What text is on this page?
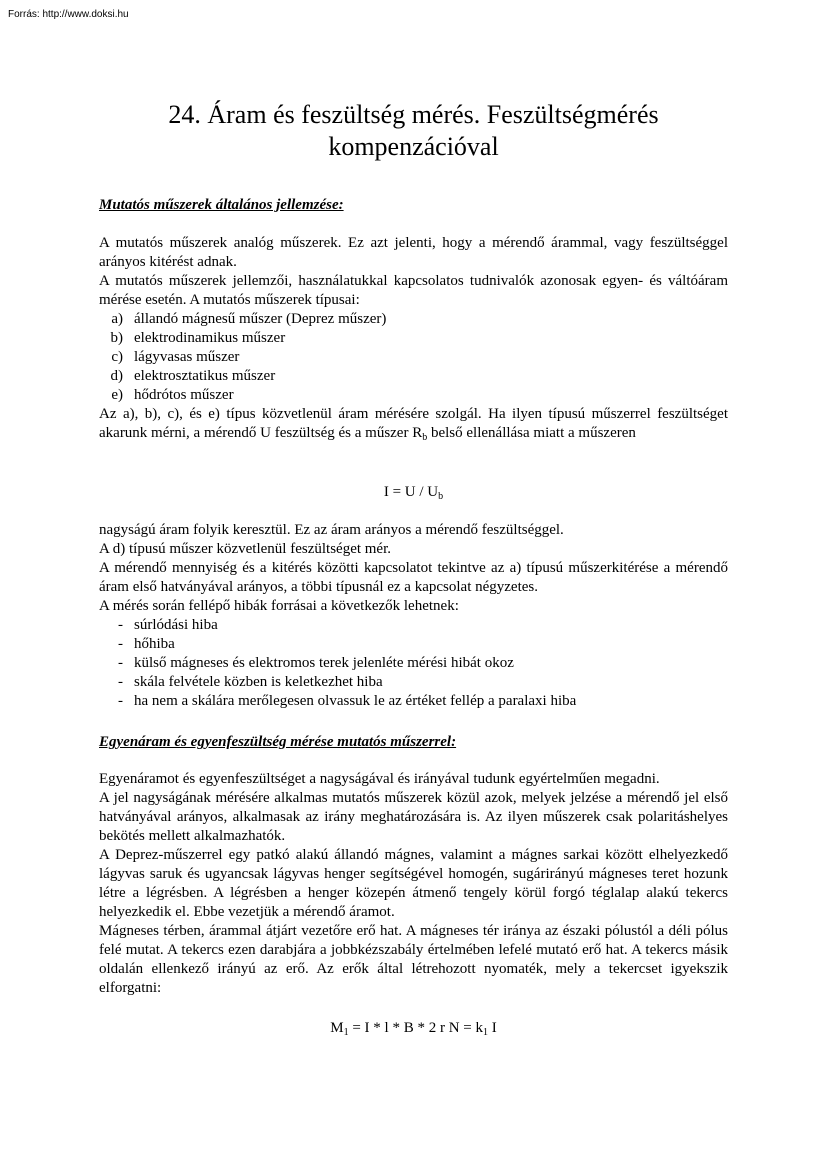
Forrás: http://www.doksi.hu
24. Áram és feszültség mérés. Feszültségmérés
kompenzációval
Mutatós műszerek általános jellemzése:

A mutatós műszerek analóg műszerek. Ez azt jelenti, hogy a mérendő árammal, vagy feszültséggel arányos kitérést adnak.

A mutatós műszerek jellemzői, használatukkal kapcsolatos tudnivalók azonosak egyen- és váltóáram mérése esetén. A mutatós műszerek típusai:

a) állandó mágnesű műszer (Deprez műszer)
b) elektrodinamikus műszer
c) lágyvasas műszer
d) elektrosztatikus műszer
e) hődrótos műszer

Az a), b), c), és e) típus közvetlenül áram mérésére szolgál. Ha ilyen típusú műszerrel feszültséget akarunk mérni, a mérendő U feszültség és a műszer $R_b$ belső ellenállása miatt a műszeren

$I = U / U_b$

nagyságú áram folyik keresztül. Ez az áram arányos a mérendő feszültséggel.

A d) típusú műszer közvetlenül feszültséget mér.

A mérendő mennyiség és a kitérés közötti kapcsolatot tekintve az a) típusú műszerkitérése a mérendő áram első hatványával arányos, a többi típusnál ez a kapcsolat négyzetes.

A mérés során fellépő hibák forrásai a következők lehetnek:

- súrlódási hiba
- hőhiba
- külső mágneses és elektromos terek jelenléte mérési hibát okoz
- skála felvétele közben is keletkezhet hiba
- ha nem a skálára merőlegesen olvassuk le az értéket fellép a paralaxi hiba
Egyenáram és egyenfeszültség mérése mutatós műszerrel:

Egyenáramot és egyenfeszültséget a nagyságával és irányával tudunk egyértelműen megadni.

A jel nagyságának mérésére alkalmas mutatós műszerek közül azok, melyek jelzése a mérendő jel első hatványával arányos, alkalmasak az irány meghatározására is. Az ilyen műszerek csak polaritáshelyes bekötés mellett alkalmazhatók.

A Deprez-műszerrel egy patkó alakú állandó mágnes, valamint a mágnes sarkai között elhelyezkedő lágyvas saruk és ugyancsak lágyvas henger segítségével homogén, sugárirányú mágneses teret hozunk létre a légrésben. A légrésben a henger közepén átmenő tengely körül forgó téglalap alakú tekercs helyezkedik el. Ebbe vezetjük a mérendő áramot.

Mágneses térben, árammal átjárt vezetőre erő hat. A mágneses tér iránya az északi pólustól a déli pólus felé mutat. A tekercs ezen darabjára a jobbkézszabály értelmében lefelé mutató erő hat. A tekercs másik oldalán ellenkező irányú az erő. Az erők által létrehozott nyomaték, mely a tekercset igyekszik elforgatni:

$M_1 = I * l * B * 2$ r $N = k_1$ I
